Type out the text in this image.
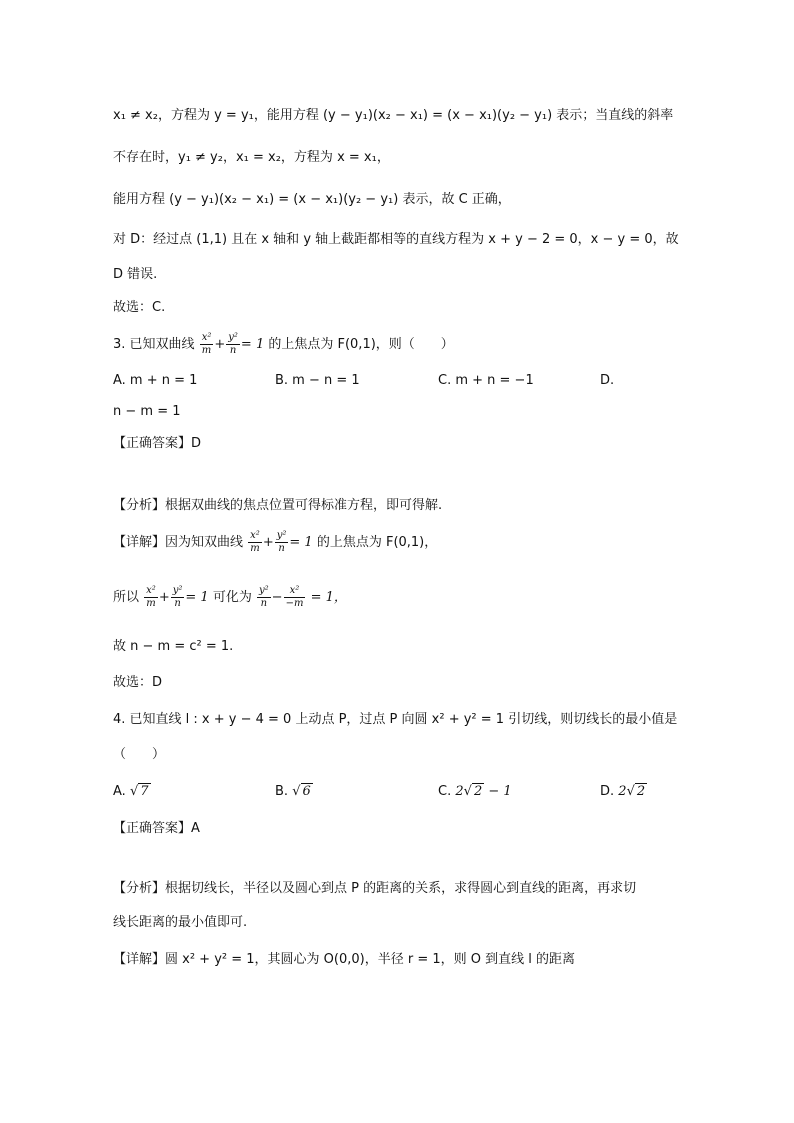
x₁ ≠ x₂，方程为 y = y₁，能用方程 (y − y₁)(x₂ − x₁) = (x − x₁)(y₂ − y₁) 表示；当直线的斜率
不存在时，y₁ ≠ y₂，x₁ = x₂，方程为 x = x₁，
能用方程 (y − y₁)(x₂ − x₁) = (x − x₁)(y₂ − y₁) 表示，故 C 正确，
对 D：经过点 (1,1) 且在 x 轴和 y 轴上截距都相等的直线方程为 x + y − 2 = 0，x − y = 0，故
D 错误.
故选：C.
3. 已知双曲线 $\frac{\text{x²}}{m} + \frac{\text{y²}}{n} = 1$ 的上焦点为 F(0,1)，则（　　）
A. m + n = 1	B. m − n = 1	C. m + n = −1	D.
n − m = 1
【正确答案】D
【分析】根据双曲线的焦点位置可得标准方程，即可得解.
【详解】因为知双曲线 $\frac{\text{x²}}{m} + \frac{\text{y²}}{n} = 1$ 的上焦点为 F(0,1)，
所以 $\frac{\text{x²}}{m} + \frac{\text{y²}}{n} = 1$ 可化为 $\frac{\text{y²}}{n} - \frac{\text{x²}}{-m} = 1$，
故 n − m = c² = 1.
故选：D
4. 已知直线 l : x + y − 4 = 0 上动点 P，过点 P 向圆 x² + y² = 1 引切线，则切线长的最小值是
（　　）
A. √ 7	B. √ 6	C. 2√ 2 − 1	D. 2√ 2
【正确答案】A
【分析】根据切线长，半径以及圆心到点 P 的距离的关系，求得圆心到直线的距离，再求切
线长距离的最小值即可.
【详解】圆 x² + y² = 1，其圆心为 O(0,0)，半径 r = 1，则 O 到直线 l 的距离
